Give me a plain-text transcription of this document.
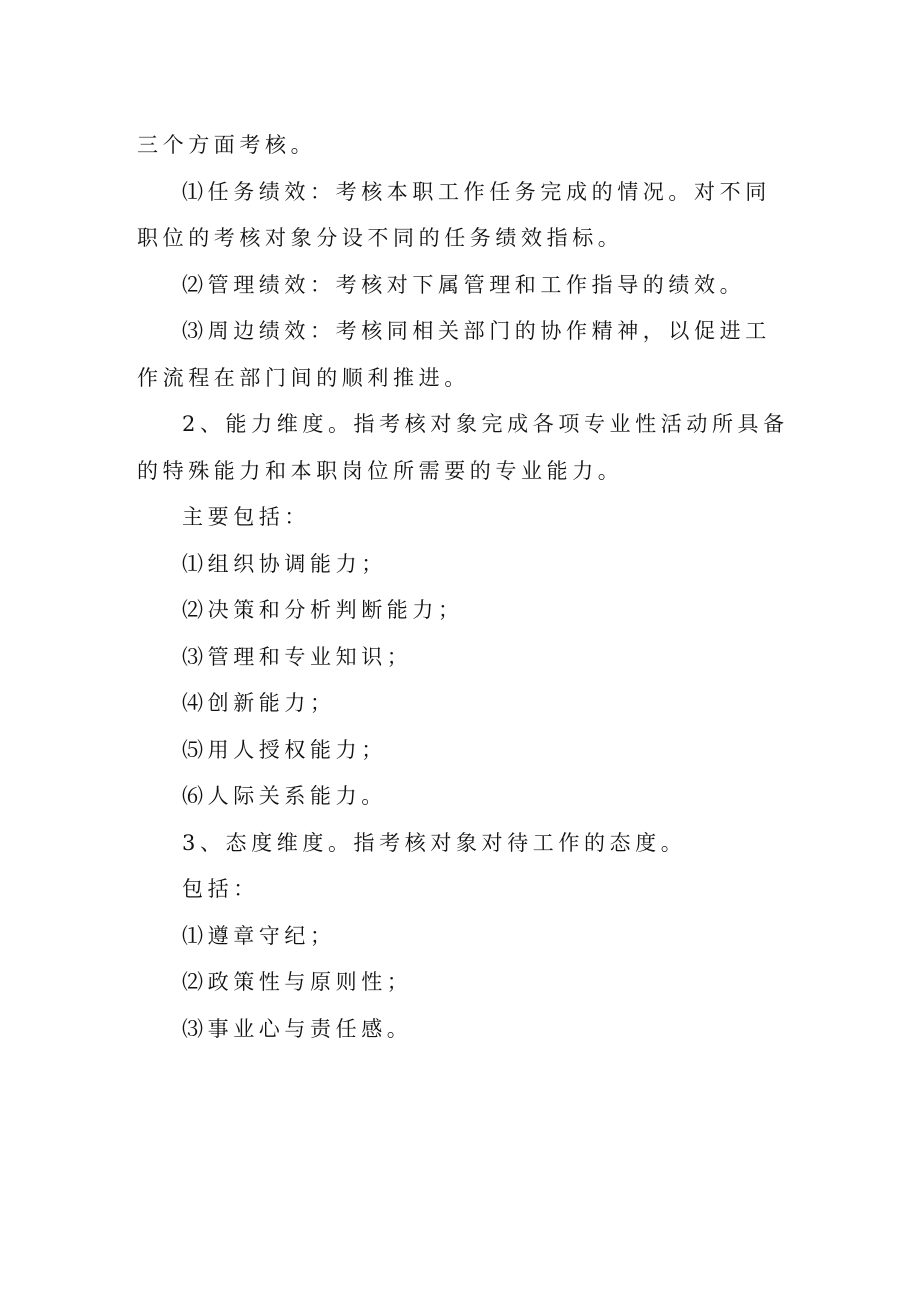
三个方面考核。

⑴任务绩效：考核本职工作任务完成的情况。对不同职位的考核对象分设不同的任务绩效指标。

⑵管理绩效：考核对下属管理和工作指导的绩效。

⑶周边绩效：考核同相关部门的协作精神，以促进工作流程在部门间的顺利推进。

2、能力维度。指考核对象完成各项专业性活动所具备的特殊能力和本职岗位所需要的专业能力。

主要包括：

⑴组织协调能力；

⑵决策和分析判断能力；

⑶管理和专业知识；

⑷创新能力；

⑸用人授权能力；

⑹人际关系能力。

3、态度维度。指考核对象对待工作的态度。

包括：

⑴遵章守纪；

⑵政策性与原则性；

⑶事业心与责任感。
